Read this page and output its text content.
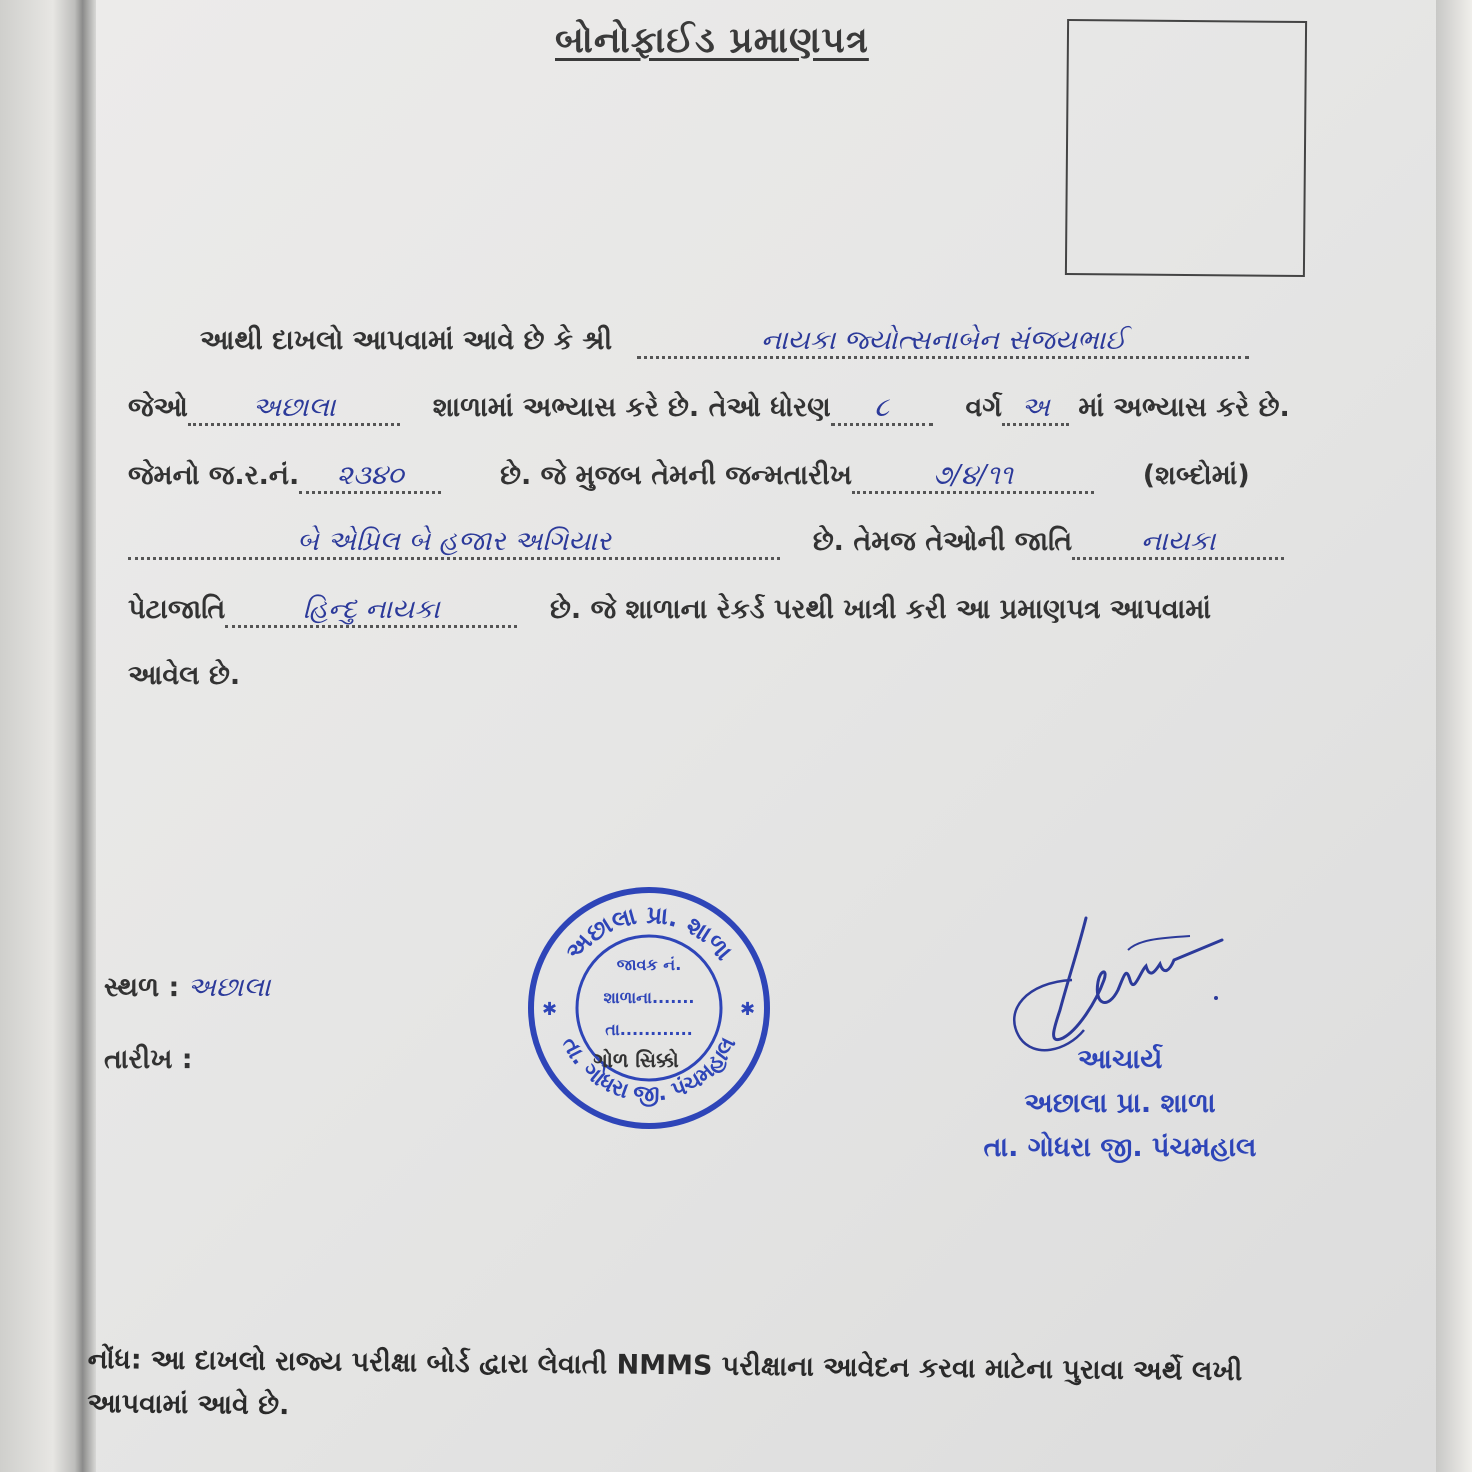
બોનોફાઈડ પ્રમાણપત્ર
આથી દાખલો આપવામાં આવે છે કે શ્રી	નાયકા જ્યોત્સનાબેન સંજયભાઈ
જેઓ અછાલા	શાળામાં અભ્યાસ કરે છે. તેઓ ધોરણ ૮	વર્ગ અ માં અભ્યાસ કરે છે.
જેમનો જ.ર.નં. ૨૩૪૦	છે. જે મુજબ તેમની જન્મતારીખ	૭/૪/૧૧	(શબ્દોમાં)
બે એપ્રિલ બે હજાર અગિયાર	છે. તેમજ તેઓની જાતિ	નાયકા
પેટાજાતિ	હિન્દુ નાયકા	છે. જે શાળાના રેકર્ડ પરથી ખાત્રી કરી આ પ્રમાણપત્ર આપવામાં
આવેલ છે.
સ્થળ : અછાલા
તારીખ :
અછાલા પ્રા. શાળા
તા. ગોધરા જી. પંચમહાલ
✱	✱
જાવક નં.
શાળાના.......
તા............
ગોળ સિક્કો	આચાર્ય
અછાલા પ્રા. શાળા
તા. ગોધરા જી. પંચમહાલ
નોંધ: આ દાખલો રાજ્ય પરીક્ષા બોર્ડ દ્વારા લેવાતી NMMS પરીક્ષાના આવેદન કરવા માટેના પુરાવા અર્થે લખી
આપવામાં આવે છે.
